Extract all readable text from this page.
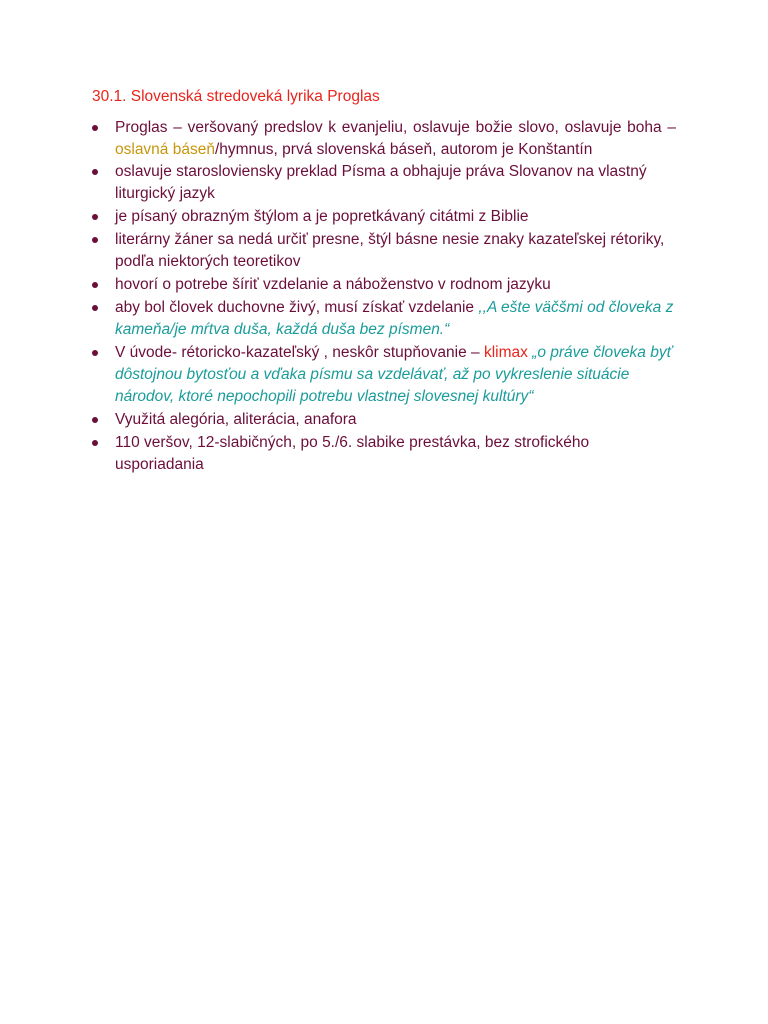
30.1. Slovenská stredoveká lyrika Proglas
Proglas – veršovaný predslov k evanjeliu, oslavuje božie slovo, oslavuje boha – oslavná báseň/hymnus, prvá slovenská báseň, autorom je Konštantín
oslavuje starosloviensky preklad Písma a obhajuje práva Slovanov na vlastný liturgický jazyk
je písaný obrazným štýlom a je popretkávaný citátmi z Biblie
literárny žáner sa nedá určiť presne, štýl básne nesie znaky kazateľskej rétoriky, podľa niektorých teoretikov
hovorí o potrebe šíriť vzdelanie a náboženstvo v rodnom jazyku
aby bol človek duchovne živý, musí získať vzdelanie ,,A ešte väčšmi od človeka z kameňa/je mŕtva duša, každá duša bez písmen.“
V úvode- rétoricko-kazateľský , neskôr stupňovanie – klimax „o práve človeka byť dôstojnou bytosťou a vďaka písmu sa vzdelávať, až po vykreslenie situácie národov, ktoré nepochopili potrebu vlastnej slovesnej kultúry“
Využitá alegória, aliterácia, anafora
110 veršov, 12-slabičných, po 5./6. slabike prestávka, bez strofického usporiadania
